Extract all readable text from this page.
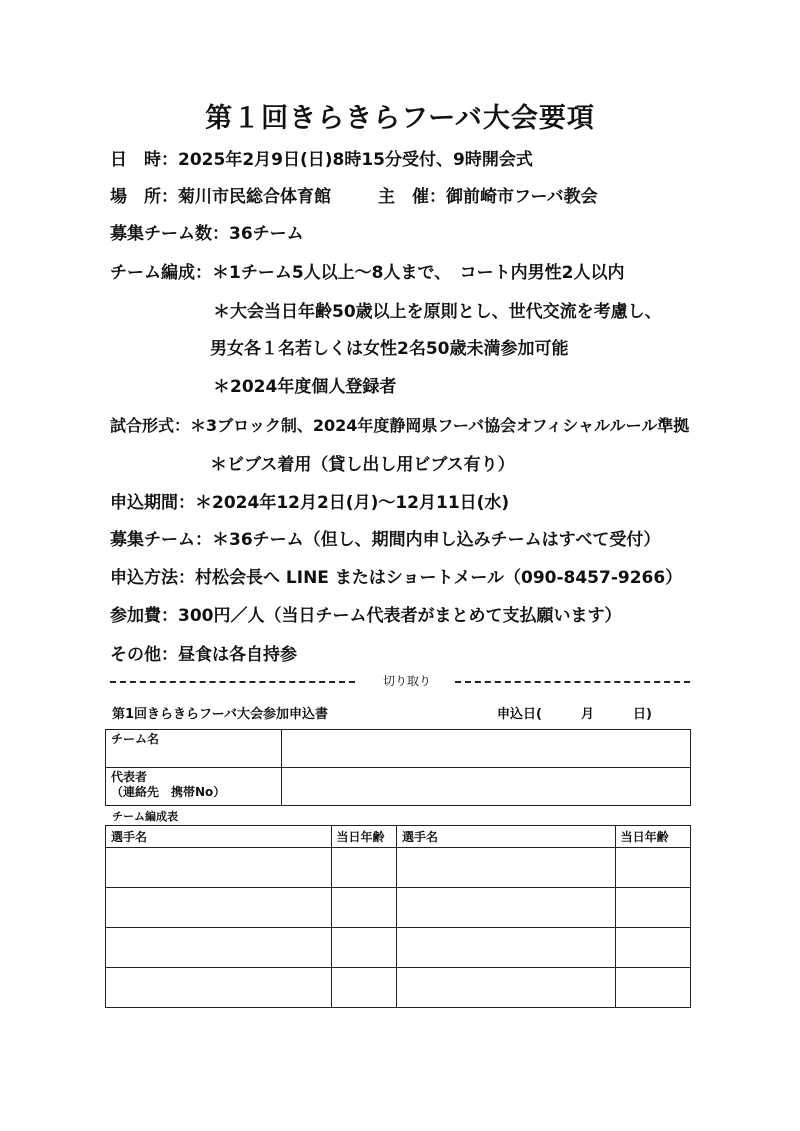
第１回きらきらフーバ大会要項
日　時：2025年2月9日(日)8時15分受付、9時開会式
場　所：菊川市民総合体育館	主　催：御前崎市フーバ教会
募集チーム数：36チーム
チーム編成：＊1チーム5人以上～8人まで、　コート内男性2人以内
＊大会当日年齢50歳以上を原則とし、世代交流を考慮し、
男女各１名若しくは女性2名50歳未満参加可能
＊2024年度個人登録者
試合形式：＊3ブロック制、2024年度静岡県フーバ協会オフィシャルルール準拠
＊ビブス着用（貸し出し用ビブス有り）
申込期間：＊2024年12月2日(月)～12月11日(水)
募集チーム：＊36チーム（但し、期間内申し込みチームはすべて受付）
申込方法：村松会長へ LINE またはショートメール（090‐8457‐9266）
参加費：300円／人（当日チーム代表者がまとめて支払願います）
その他：昼食は各自持参
切り取り
第1回きらきらフーバ大会参加申込書	申込日(　　　月　　　日)
チーム名	

代表者
（連絡先　携帯No）	

チーム編成表
選手名	当日年齢	選手名	当日年齢
